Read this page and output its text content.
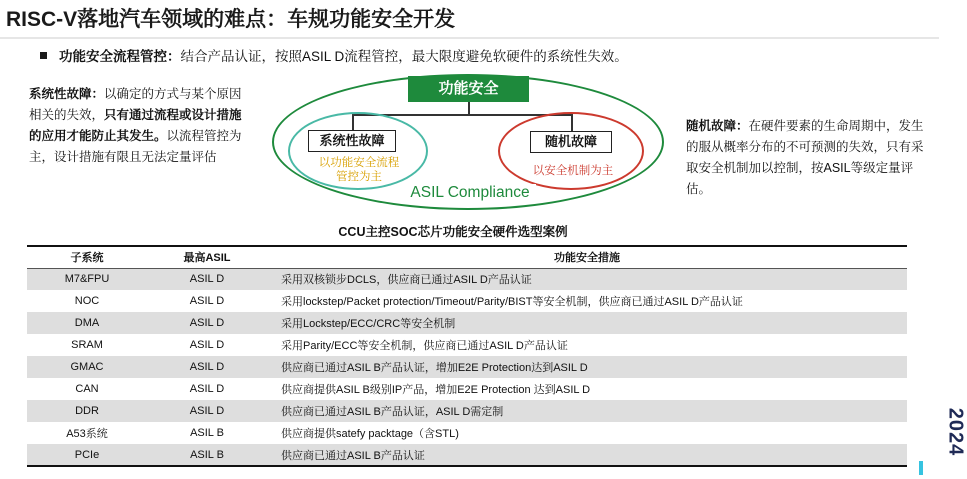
RISC-V落地汽车领域的难点：车规功能安全开发
功能安全流程管控：结合产品认证，按照ASIL D流程管控，最大限度避免软硬件的系统性失效。
系统性故障：以确定的方式与某个原因相关的失效，只有通过流程或设计措施的应用才能防止其发生。以流程管控为主，设计措施有限且无法定量评估
功能安全
系统性故障	随机故障
以功能安全流程
管控为主	以安全机制为主
ASIL Compliance
随机故障：在硬件要素的生命周期中，发生的服从概率分布的不可预测的失效，只有采取安全机制加以控制，按ASIL等级定量评估。
CCU主控SOC芯片功能安全硬件选型案例
子系统	最高ASIL	功能安全措施
M7&FPU	ASIL D	采用双核锁步DCLS，供应商已通过ASIL D产品认证
NOC	ASIL D	采用lockstep/Packet protection/Timeout/Parity/BIST等安全机制，供应商已通过ASIL D产品认证
DMA	ASIL D	采用Lockstep/ECC/CRC等安全机制
SRAM	ASIL D	采用Parity/ECC等安全机制，供应商已通过ASIL D产品认证
GMAC	ASIL D	供应商已通过ASIL B产品认证，增加E2E Protection达到ASIL D
CAN	ASIL D	供应商提供ASIL B级别IP产品，增加E2E Protection 达到ASIL D
DDR	ASIL D	供应商已通过ASIL B产品认证，ASIL D需定制
A53系统	ASIL B	供应商提供satefy packtage（含STL)
PCIe	ASIL B	供应商已通过ASIL B产品认证	2024
